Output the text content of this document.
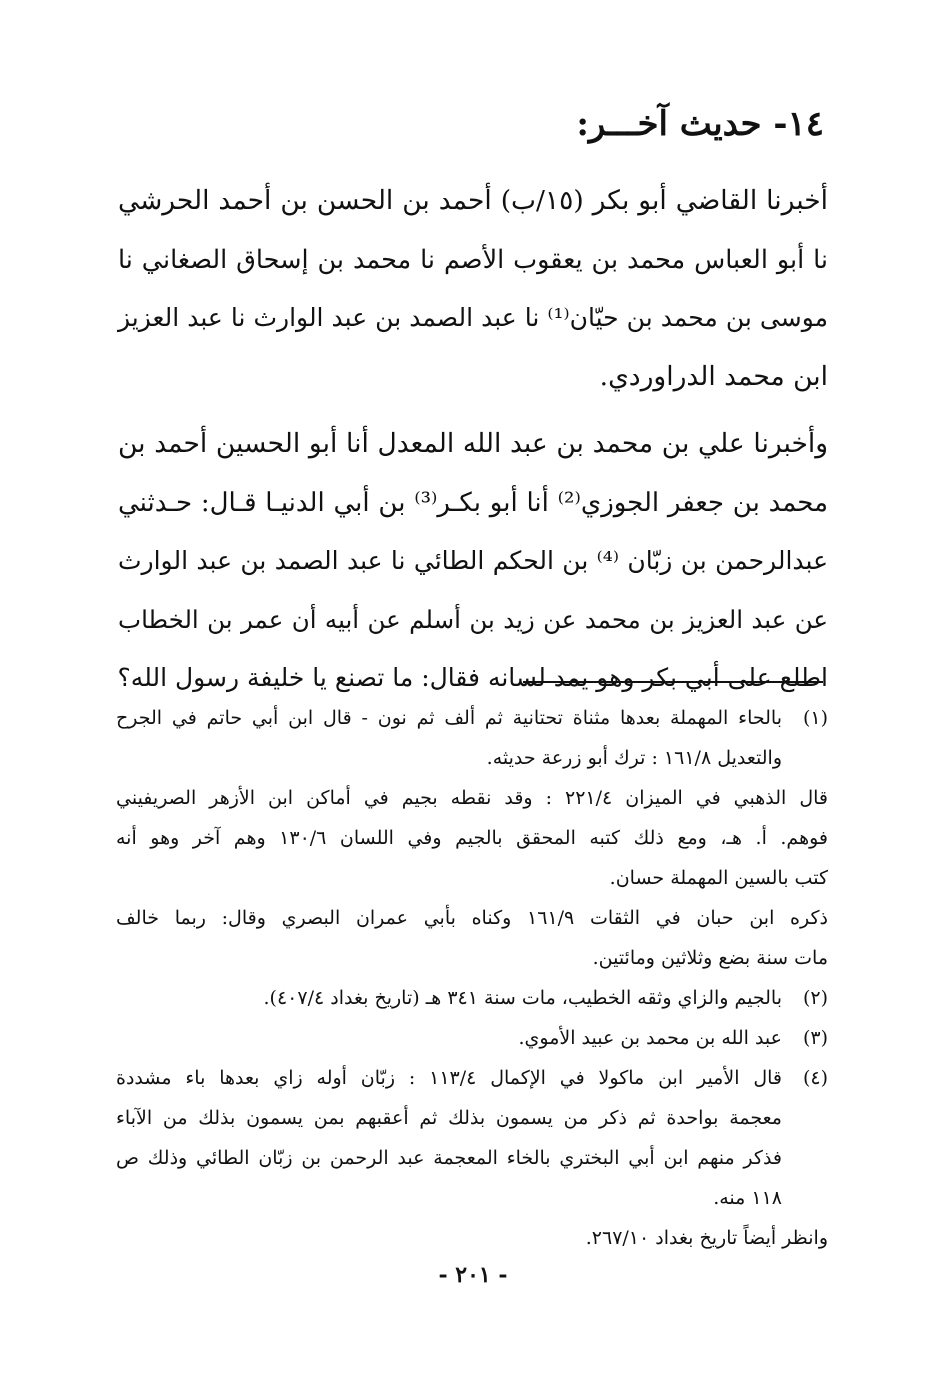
١٤- حديث آخـــر:

أخبرنا القاضي أبو بكر (١٥/ب) أحمد بن الحسن بن أحمد الحرشي
نا أبو العباس محمد بن يعقوب الأصم نا محمد بن إسحاق الصغاني نا
موسى بن محمد بن حيّان⁽¹⁾ نا عبد الصمد بن عبد الوارث نا عبد العزيز
ابن محمد الدراوردي.

وأخبرنا علي بن محمد بن عبد الله المعدل أنا أبو الحسين أحمد بن
محمد بن جعفر الجوزي⁽²⁾ أنا أبو بكـر⁽³⁾ بن أبي الدنيـا قـال: حـدثني
عبدالرحمن بن زبّان ⁽⁴⁾ بن الحكم الطائي نا عبد الصمد بن عبد الوارث
عن عبد العزيز بن محمد عن زيد بن أسلم عن أبيه أن عمر بن الخطاب
اطلع على أبي بكر وهو يمد لسانه فقال: ما تصنع يا خليفة رسول الله؟

(١)
بالحاء المهملة بعدها مثناة تحتانية ثم ألف ثم نون - قال ابن أبي حاتم في الجرح
والتعديل ١٦١/٨ : ترك أبو زرعة حديثه.
قال الذهبي في الميزان ٢٢١/٤ : وقد نقطه بجيم في أماكن ابن الأزهر الصريفيني
فوهم. أ. هـ، ومع ذلك كتبه المحقق بالجيم وفي اللسان ١٣٠/٦ وهم آخر وهو أنه
كتب بالسين المهملة حسان.
ذكره ابن حبان في الثقات ١٦١/٩ وكناه بأبي عمران البصري وقال: ربما خالف
مات سنة بضع وثلاثين ومائتين.
(٢)
بالجيم والزاي وثقه الخطيب، مات سنة ٣٤١ هـ (تاريخ بغداد ٤٠٧/٤).
(٣)
عبد الله بن محمد بن عبيد الأموي.
(٤)
قال الأمير ابن ماكولا في الإكمال ١١٣/٤ : زبّان أوله زاي بعدها باء مشددة
معجمة بواحدة ثم ذكر من يسمون بذلك ثم أعقبهم بمن يسمون بذلك من الآباء
فذكر منهم ابن أبي البختري بالخاء المعجمة عبد الرحمن بن زبّان الطائي وذلك ص
١١٨ منه.
وانظر أيضاً تاريخ بغداد ٢٦٧/١٠.
- ٢٠١ -
